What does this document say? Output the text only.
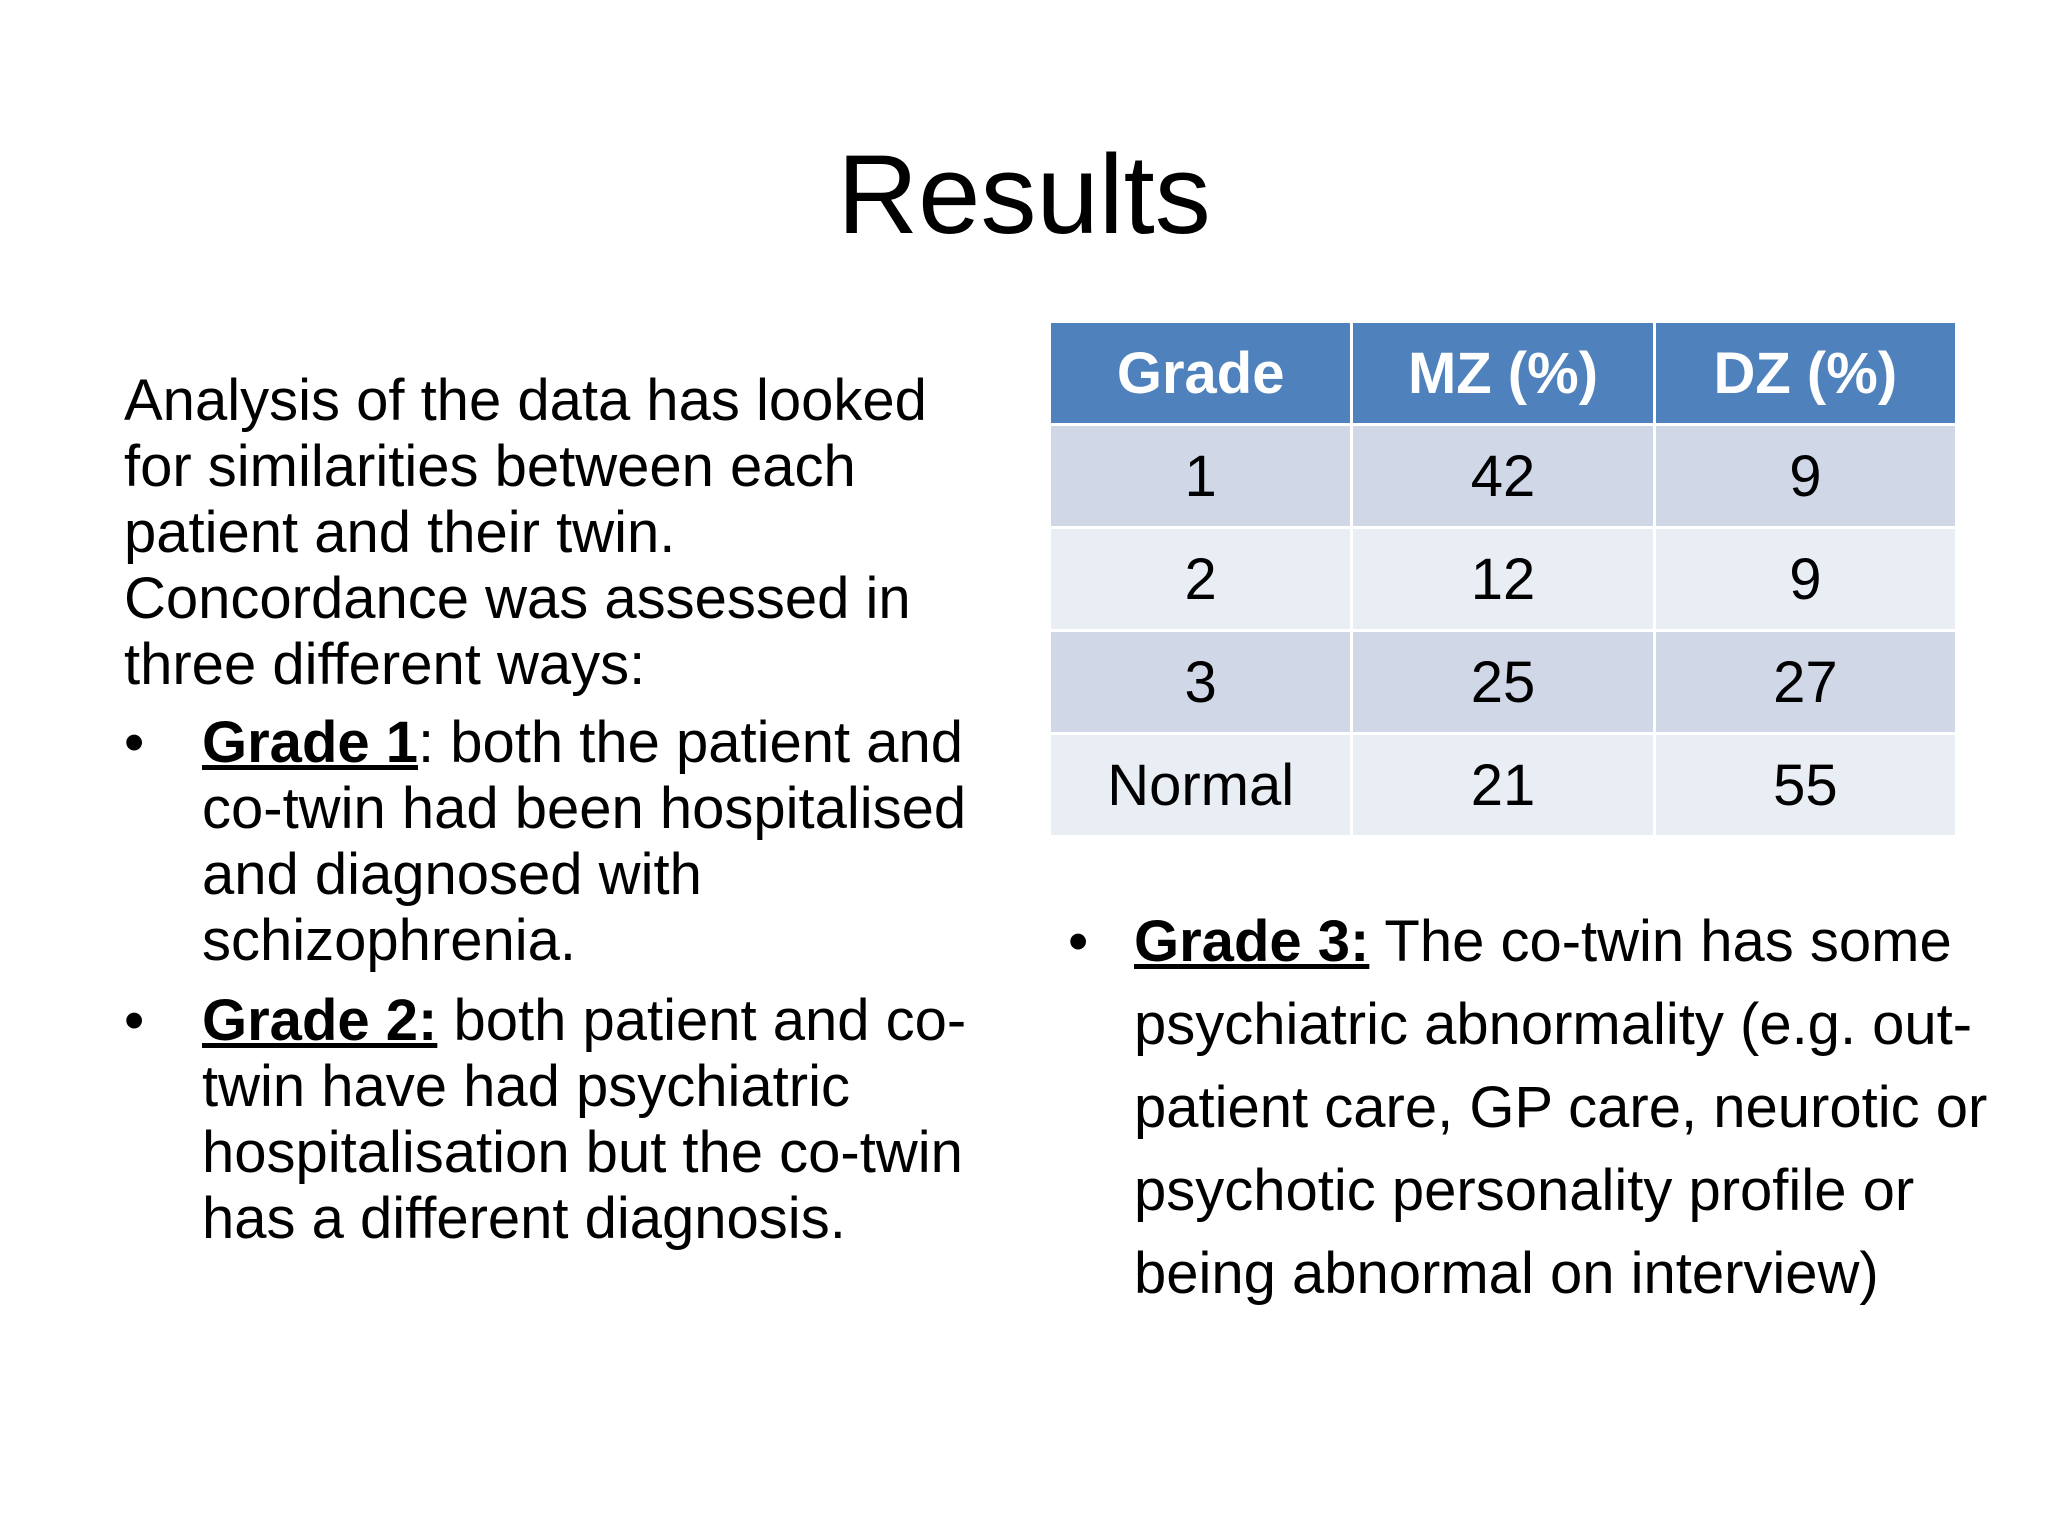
Results

Analysis of the data has looked for similarities between each patient and their twin. Concordance was assessed in three different ways:

• Grade 1: both the patient and co-twin had been hospitalised and diagnosed with schizophrenia.
• Grade 2: both patient and co-twin have had psychiatric hospitalisation but the co-twin has a different diagnosis.
Grade	MZ (%)	DZ (%)
1	42	9
2	12	9
3	25	27
Normal	21	55
• Grade 3: The co-twin has some psychiatric abnormality (e.g. out-patient care, GP care, neurotic or psychotic personality profile or being abnormal on interview)
